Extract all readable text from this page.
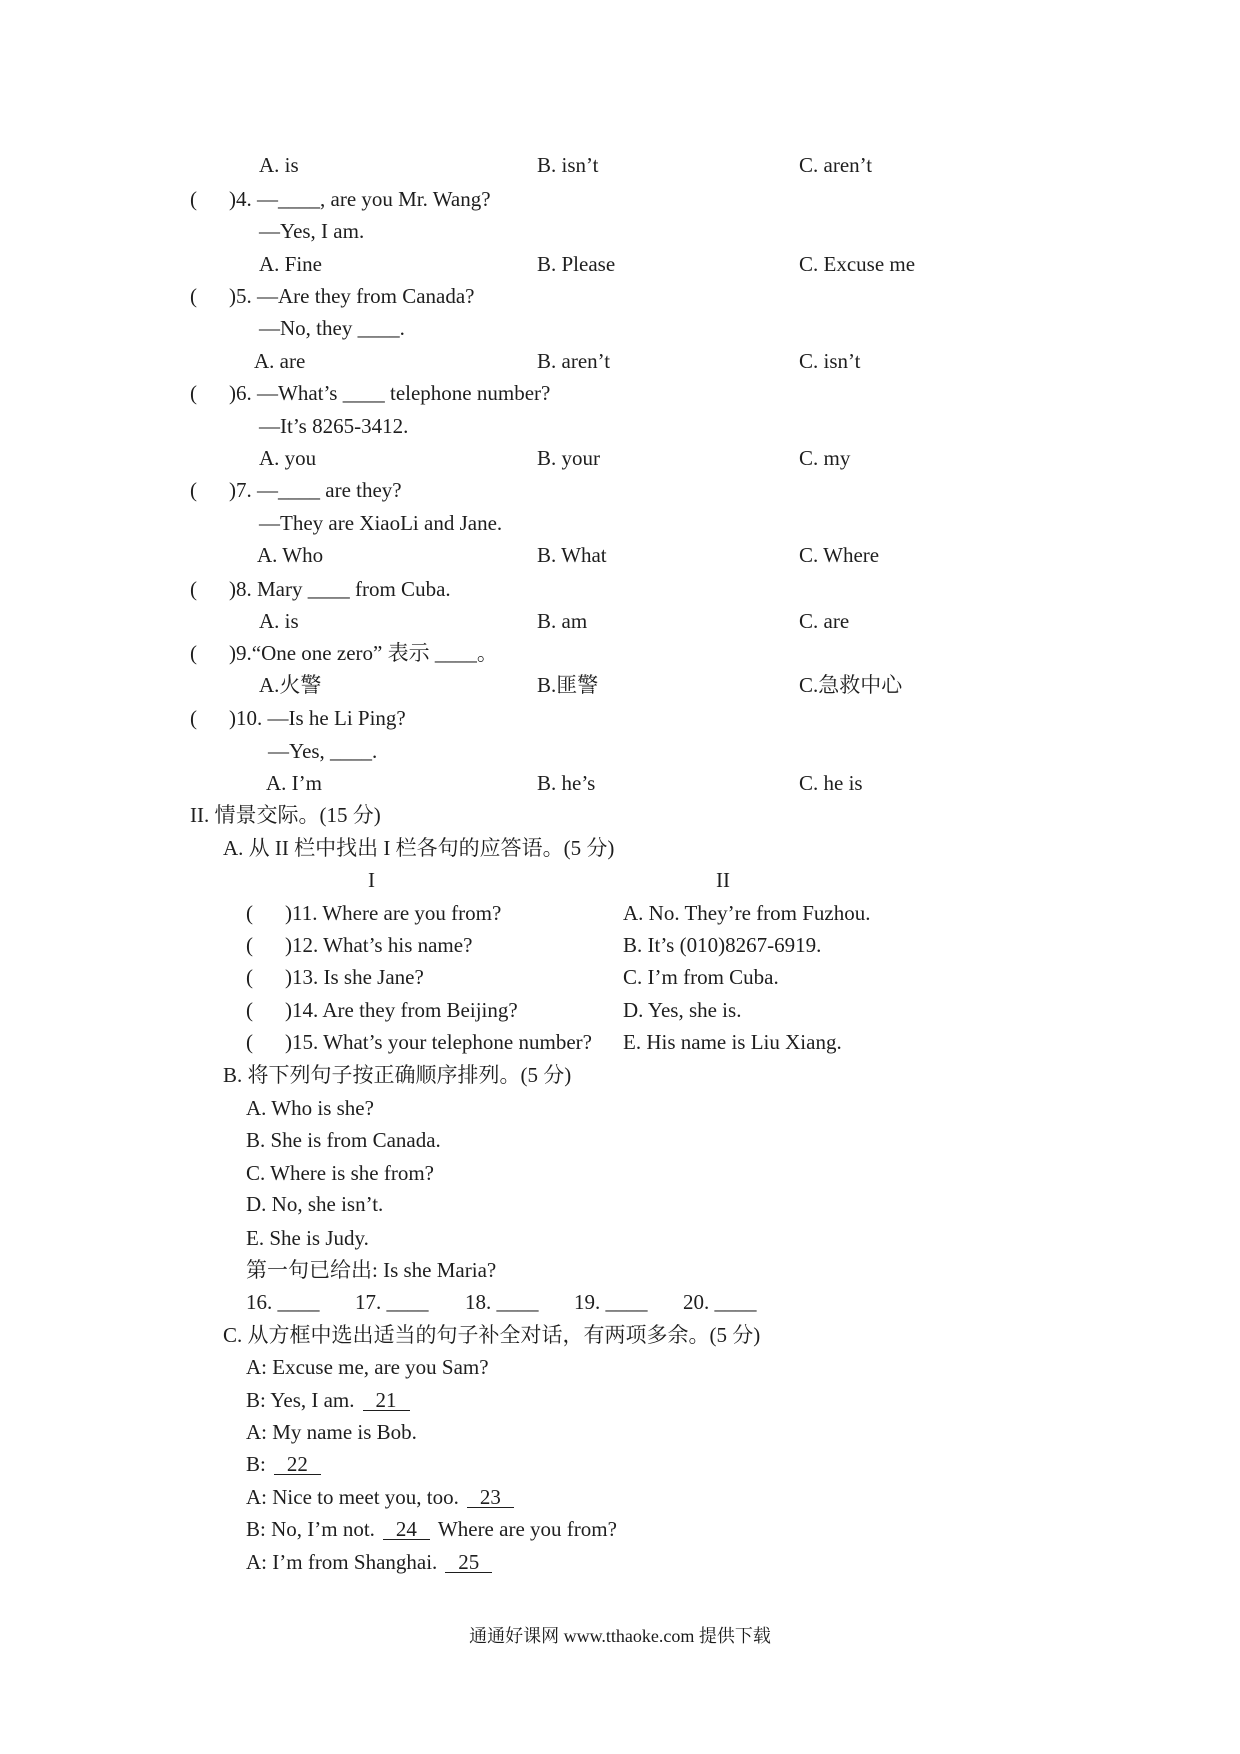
A. is	B. isn’t	C. aren’t
( )4. —____, are you Mr. Wang?
—Yes, I am.
A. Fine	B. Please	C. Excuse me
( )5. —Are they from Canada?
—No, they ____.
A. are	B. aren’t	C. isn’t
( )6. —What’s ____ telephone number?
—It’s 8265-3412.
A. you	B. your	C. my
( )7. —____ are they?
—They are XiaoLi and Jane.
A. Who	B. What	C. Where
( )8. Mary ____ from Cuba.
A. is	B. am	C. are
( )9.“One one zero” 表示 ____。
A.火警	B.匪警	C.急救中心
( )10. —Is he Li Ping?
—Yes, ____.
A. I’m	B. he’s	C. he is
II. 情景交际。(15 分)
A. 从 II 栏中找出 I 栏各句的应答语。(5 分)
I	II
( )11. Where are you from?	A. No. They’re from Fuzhou.
( )12. What’s his name?	B. It’s (010)8267-6919.
( )13. Is she Jane?	C. I’m from Cuba.
( )14. Are they from Beijing?	D. Yes, she is.
( )15. What’s your telephone number? E. His name is Liu Xiang.
B. 将下列句子按正确顺序排列。(5 分)
A. Who is she?
B. She is from Canada.
C. Where is she from?
D. No, she isn’t.
E. She is Judy.
第一句已给出: Is she Maria?
16. ____ 17. ____ 18. ____ 19. ____ 20. ____
C. 从方框中选出适当的句子补全对话，有两项多余。(5 分)
A: Excuse me, are you Sam?
B: Yes, I am. 21
A: My name is Bob.
B: 22
A: Nice to meet you, too. 23
B: No, I’m not. 24 Where are you from?
A: I’m from Shanghai. 25
通通好课网 www.tthaoke.com 提供下载
